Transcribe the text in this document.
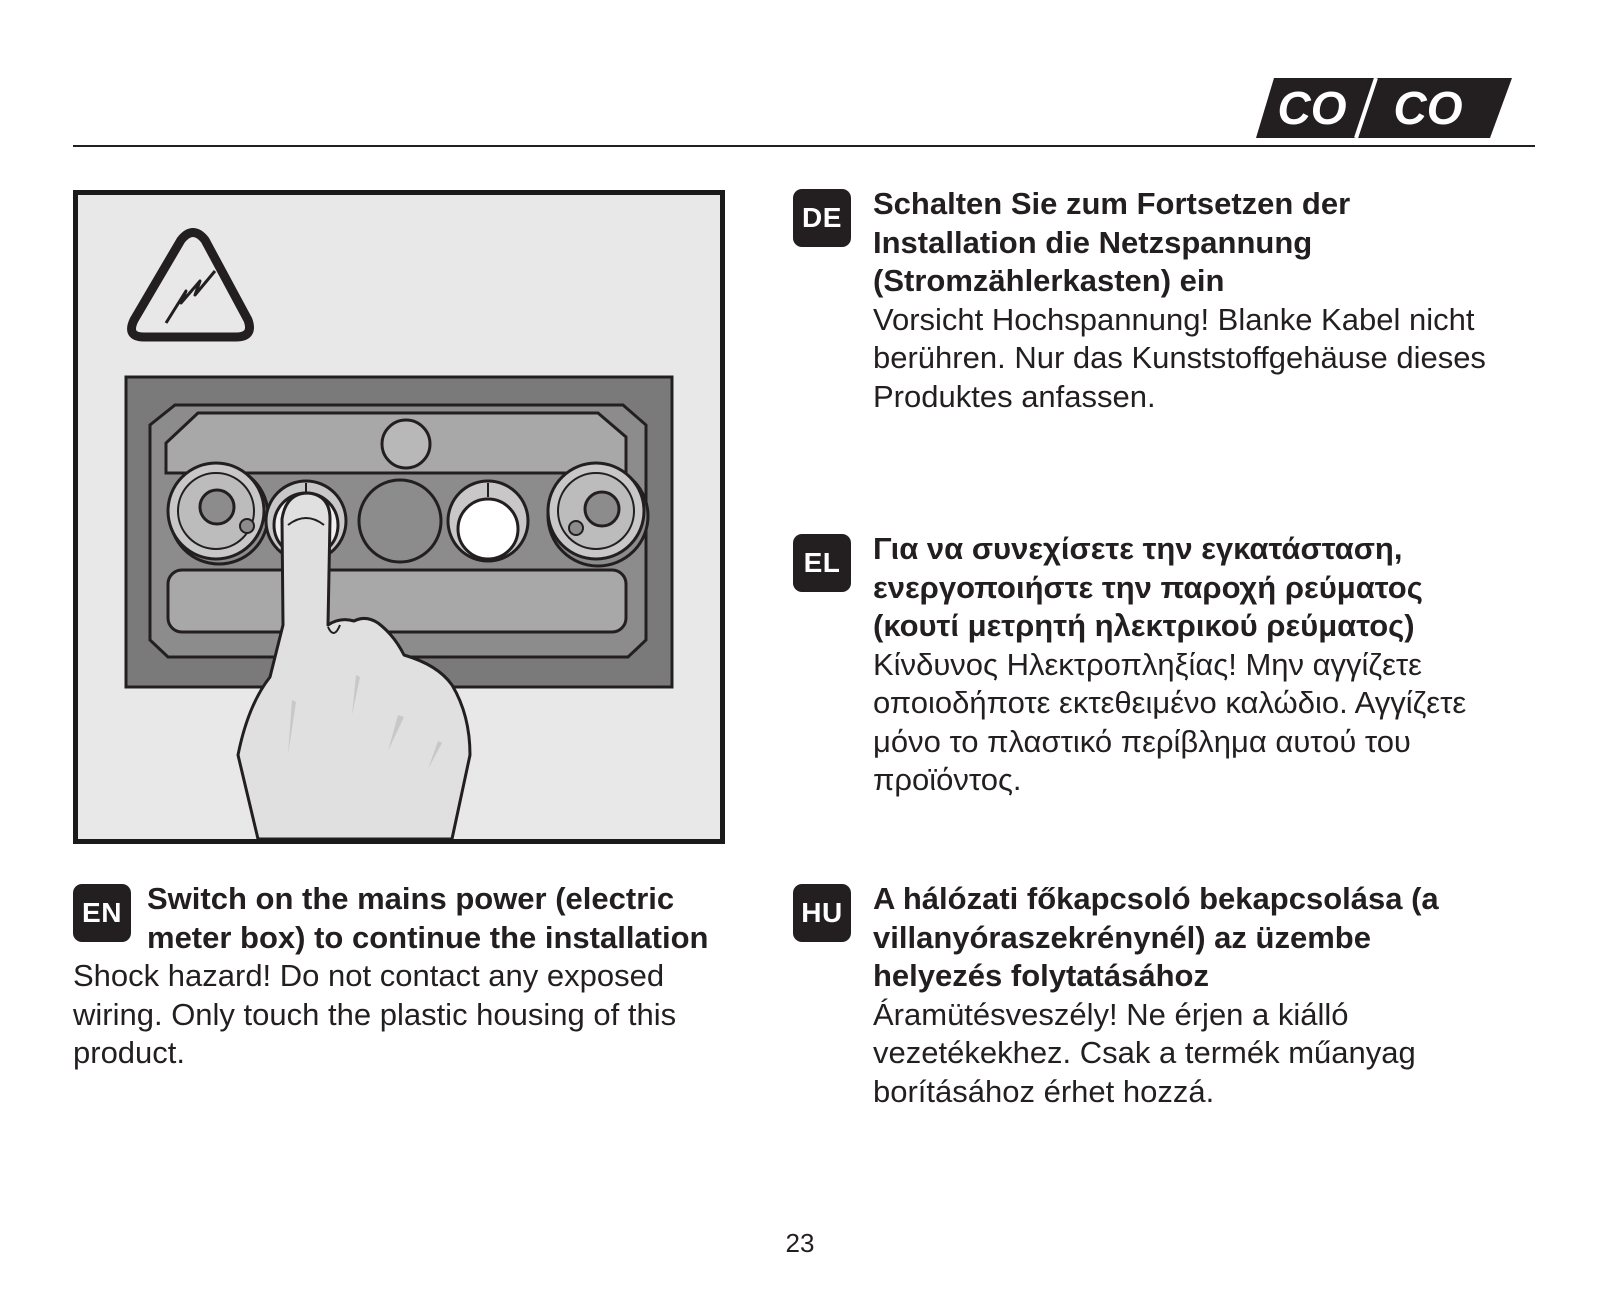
CO CO
EN Switch on the mains power (electric meter box) to continue the installation

Shock hazard! Do not contact any exposed wiring. Only touch the plastic housing of this product.

DE Schalten Sie zum Fortsetzen der Installation die Netzspannung (Stromzählerkasten) ein

Vorsicht Hochspannung! Blanke Kabel nicht berühren. Nur das Kunststoffgehäuse dieses Produktes anfassen.

EL	Για να συνεχίσετε την εγκατάσταση, ενεργοποιήστε την παροχή ρεύματος (κουτί μετρητή ηλεκτρικού ρεύματος)

Κίνδυνος Ηλεκτροπληξίας! Μην αγγίζετε οποιοδήποτε εκτεθειμένο καλώδιο. Αγγίζετε μόνο το πλαστικό περίβλημα αυτού του προϊόντος.

HU A hálózati főkapcsoló bekapcsolása (a villanyóraszekrénynél) az üzembe helyezés folytatásához

Áramütésveszély! Ne érjen a kiálló vezetékekhez. Csak a termék műanyag borításához érhet hozzá.

23
